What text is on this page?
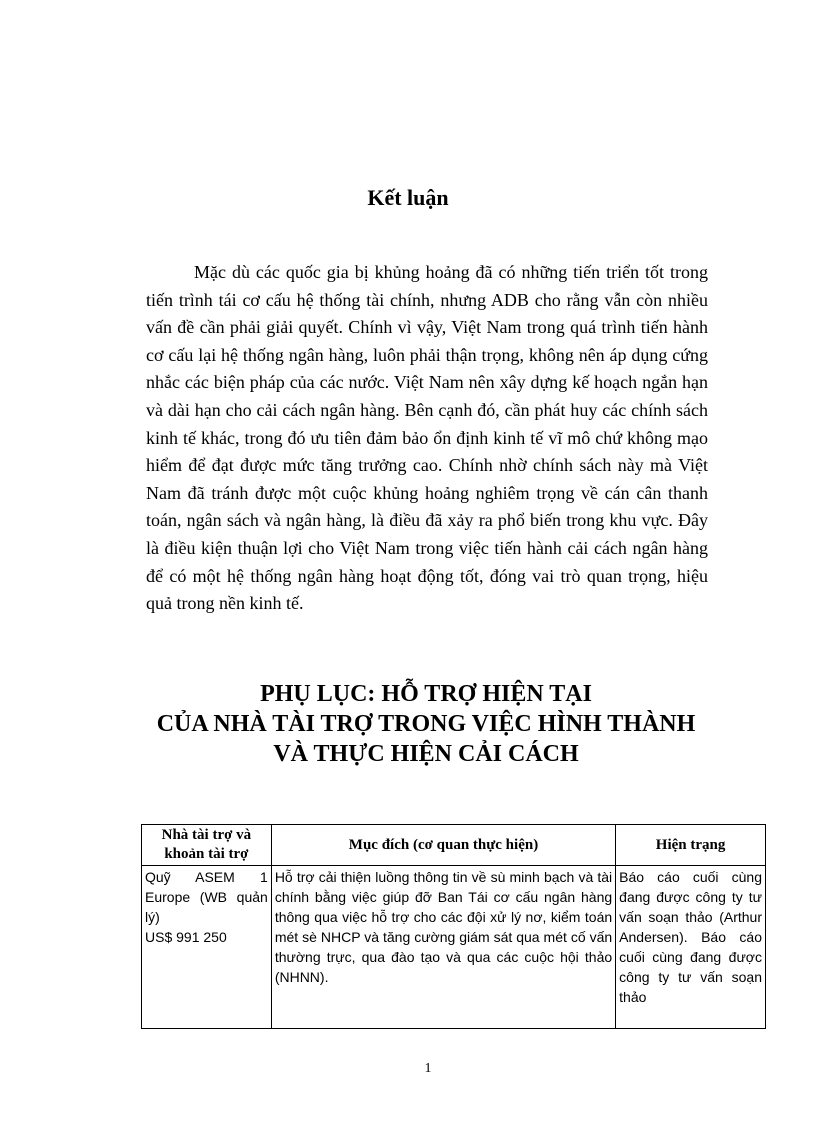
Kết luận

Mặc dù các quốc gia bị khủng hoảng đã có những tiến triển tốt trong tiến trình tái cơ cấu hệ thống tài chính, nhưng ADB cho rằng vẫn còn nhiều vấn đề cần phải giải quyết. Chính vì vậy, Việt Nam trong quá trình tiến hành cơ cấu lại hệ thống ngân hàng, luôn phải thận trọng, không nên áp dụng cứng nhắc các biện pháp của các nước. Việt Nam nên xây dựng kế hoạch ngắn hạn và dài hạn cho cải cách ngân hàng. Bên cạnh đó, cần phát huy các chính sách kinh tế khác, trong đó ưu tiên đảm bảo ổn định kinh tế vĩ mô chứ không mạo hiểm để đạt được mức tăng trưởng cao. Chính nhờ chính sách này mà Việt Nam đã tránh được một cuộc khủng hoảng nghiêm trọng về cán cân thanh toán, ngân sách và ngân hàng, là điều đã xảy ra phổ biến trong khu vực. Đây là điều kiện thuận lợi cho Việt Nam trong việc tiến hành cải cách ngân hàng để có một hệ thống ngân hàng hoạt động tốt, đóng vai trò quan trọng, hiệu quả trong nền kinh tế.

PHỤ LỤC: HỖ TRỢ HIỆN TẠI
CỦA NHÀ TÀI TRỢ TRONG VIỆC HÌNH THÀNH
VÀ THỰC HIỆN CẢI CÁCH
Nhà tài trợ và khoản tài trợ	Mục đích (cơ quan thực hiện)	Hiện trạng

Quỹ ASEM 1 Europe (WB quản lý)
US$ 991 250	Hỗ trợ cải thiện luồng thông tin về sù minh bạch và tài chính bằng việc giúp đỡ Ban Tái cơ cấu ngân hàng thông qua việc hỗ trợ cho các đội xử lý nơ, kiểm toán mét sè NHCP và tăng cường giám sát qua mét cố vấn thường trực, qua đào tạo và qua các cuộc hội thảo (NHNN).	Báo cáo cuối cùng đang được công ty tư vấn soạn thảo (Arthur Andersen). Báo cáo cuối cùng đang được công ty tư vấn soạn thảo
1
